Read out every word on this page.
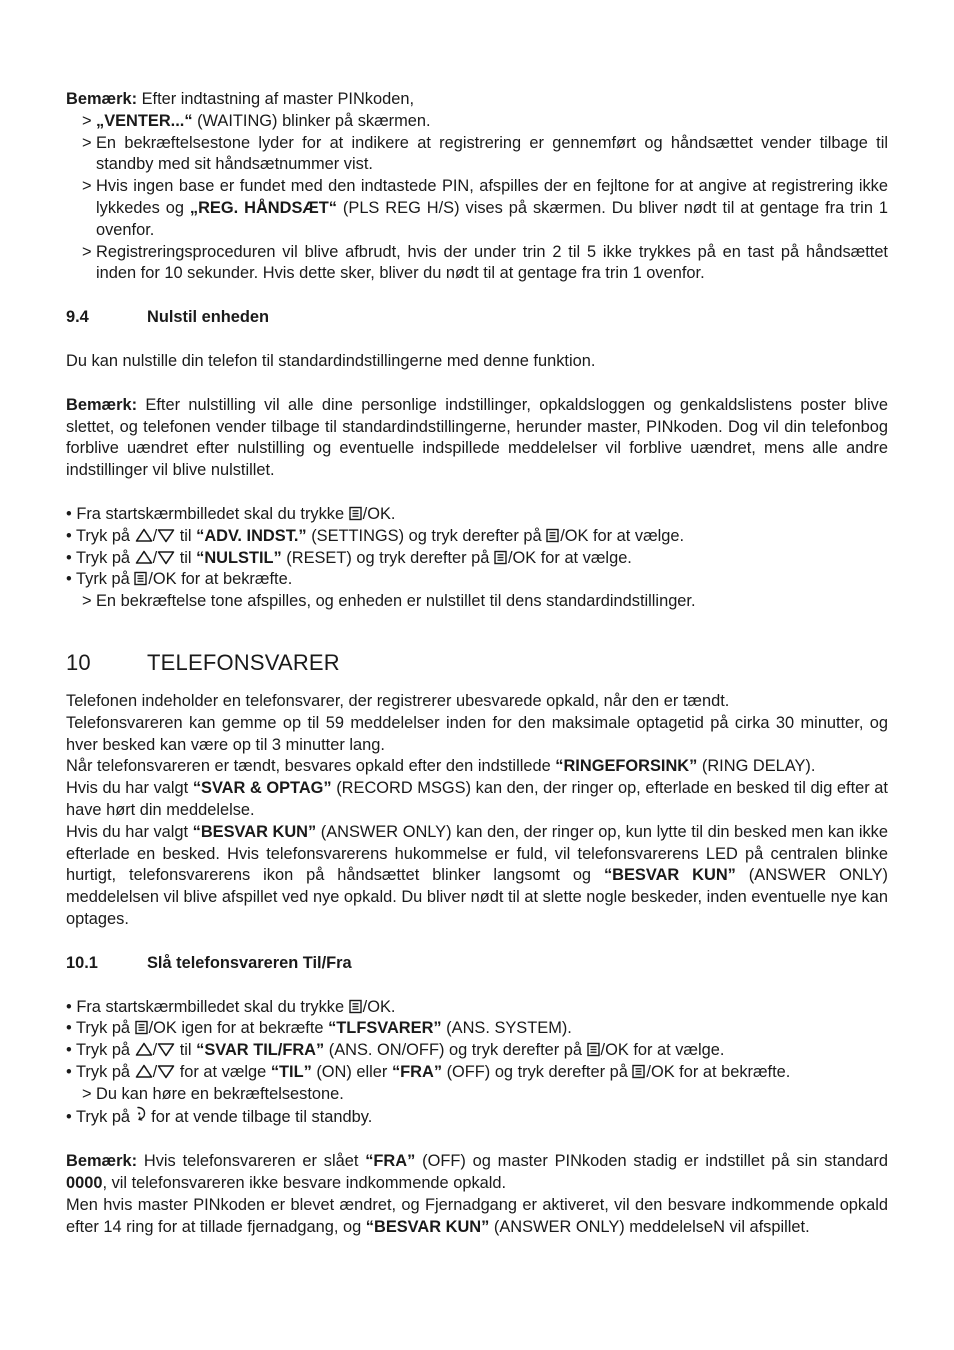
Bemærk: Efter indtastning af master PINkoden,

> „VENTER...“ (WAITING) blinker på skærmen.

> En bekræftelsestone lyder for at indikere at registrering er gennemført og håndsættet vender tilbage til standby med sit håndsætnummer vist.

> Hvis ingen base er fundet med den indtastede PIN, afspilles der en fejltone for at angive at registrering ikke lykkedes og „REG. HÅNDSÆT“ (PLS REG H/S) vises på skærmen. Du bliver nødt til at gentage fra trin 1 ovenfor.

> Registreringsproceduren vil blive afbrudt, hvis der under trin 2 til 5 ikke trykkes på en tast på håndsættet inden for 10 sekunder. Hvis dette sker, bliver du nødt til at gentage fra trin 1 ovenfor.

9.4	Nulstil enheden

Du kan nulstille din telefon til standardindstillingerne med denne funktion.

Bemærk: Efter nulstilling vil alle dine personlige indstillinger, opkaldsloggen og genkaldslistens poster blive slettet, og telefonen vender tilbage til standardindstillingerne, herunder master, PINkoden. Dog vil din telefonbog forblive uændret efter nulstilling og eventuelle indspillede meddelelser vil forblive uændret, mens alle andre indstillinger vil blive nulstillet.

• Fra startskærmbilledet skal du trykke /OK.

• Tryk på / til “ADV. INDST.” (SETTINGS) og tryk derefter på /OK for at vælge.

• Tryk på / til “NULSTIL” (RESET) og tryk derefter på /OK for at vælge.

• Tyrk på /OK for at bekræfte.

> En bekræftelse tone afspilles, og enheden er nulstillet til dens standardindstillinger.

10	TELEFONSVARER

Telefonen indeholder en telefonsvarer, der registrerer ubesvarede opkald, når den er tændt.

Telefonsvareren kan gemme op til 59 meddelelser inden for den maksimale optagetid på cirka 30 minutter, og hver besked kan være op til 3 minutter lang.

Når telefonsvareren er tændt, besvares opkald efter den indstillede “RINGEFORSINK” (RING DELAY).

Hvis du har valgt “SVAR & OPTAG” (RECORD MSGS) kan den, der ringer op, efterlade en besked til dig efter at have hørt din meddelelse.

Hvis du har valgt “BESVAR KUN” (ANSWER ONLY) kan den, der ringer op, kun lytte til din besked men kan ikke efterlade en besked. Hvis telefonsvarerens hukommelse er fuld, vil telefonsvarerens LED på centralen blinke hurtigt, telefonsvarerens ikon på håndsættet blinker langsomt og “BESVAR KUN” (ANSWER ONLY) meddelelsen vil blive afspillet ved nye opkald. Du bliver nødt til at slette nogle beskeder, inden eventuelle nye kan optages.

10.1	Slå telefonsvareren Til/Fra

• Fra startskærmbilledet skal du trykke /OK.

• Tryk på /OK igen for at bekræfte “TLFSVARER” (ANS. SYSTEM).

• Tryk på / til “SVAR TIL/FRA” (ANS. ON/OFF) og tryk derefter på /OK for at vælge.

• Tryk på / for at vælge “TIL” (ON) eller “FRA” (OFF) og tryk derefter på /OK for at bekræfte.

> Du kan høre en bekræftelsestone.

• Tryk på  for at vende tilbage til standby.

Bemærk: Hvis telefonsvareren er slået “FRA” (OFF) og master PINkoden stadig er indstillet på sin standard 0000, vil telefonsvareren ikke besvare indkommende opkald.

Men hvis master PINkoden er blevet ændret, og Fjernadgang er aktiveret, vil den besvare indkommende opkald efter 14 ring for at tillade fjernadgang, og “BESVAR KUN” (ANSWER ONLY) meddelelseN vil afspillet.
